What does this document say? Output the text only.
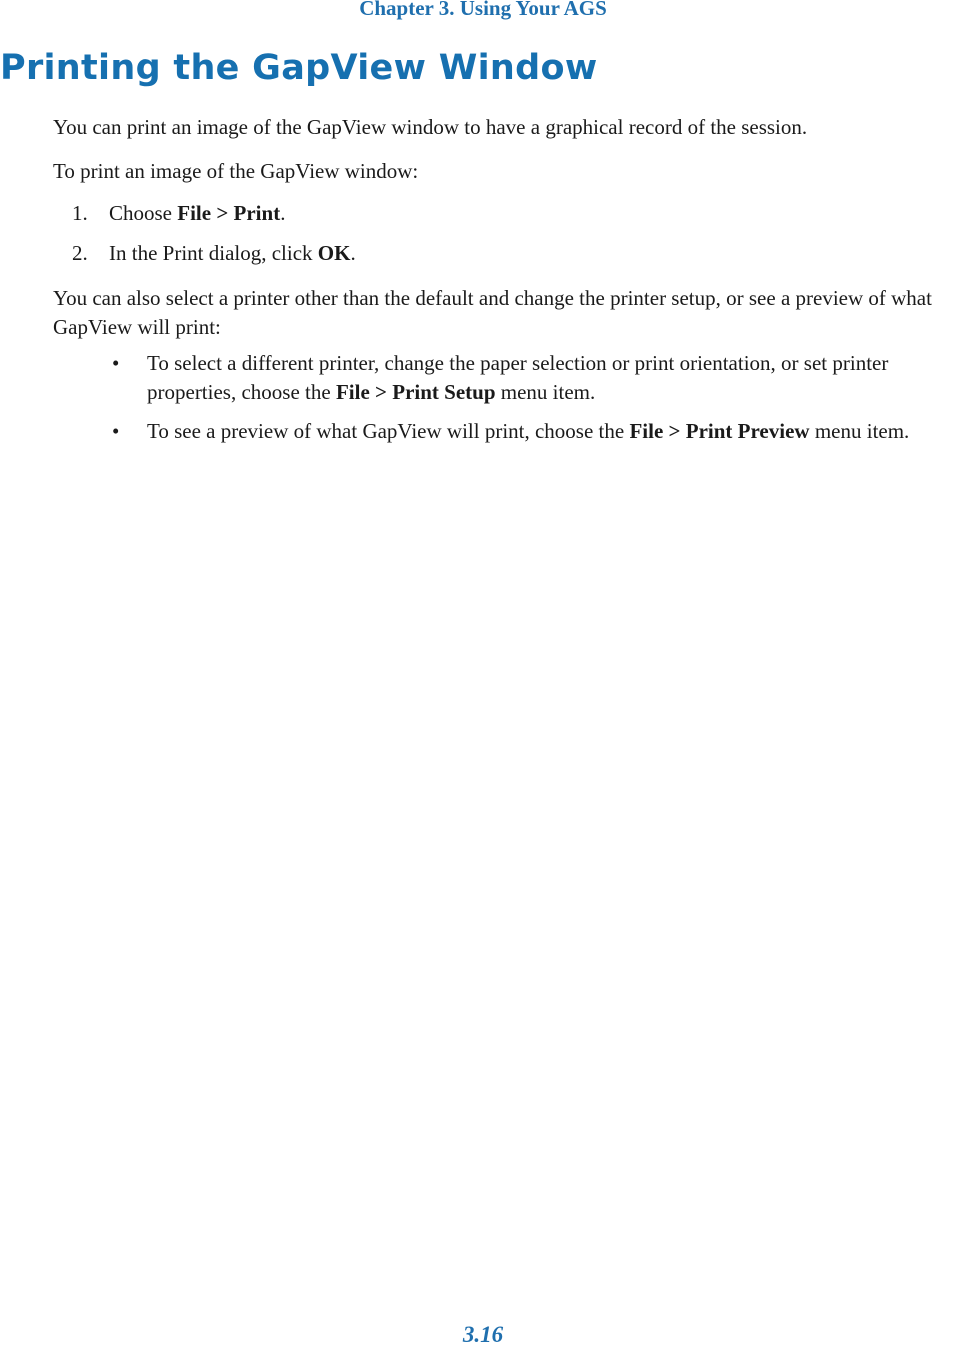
Chapter 3. Using Your AGS
Printing the GapView Window

You can print an image of the GapView window to have a graphical record of the session.

To print an image of the GapView window:

1. Choose File > Print.

2. In the Print dialog, click OK.

You can also select a printer other than the default and change the printer setup, or see a preview of what GapView will print:

• To select a different printer, change the paper selection or print orientation, or set printer properties, choose the File > Print Setup menu item.
• To see a preview of what GapView will print, choose the File > Print Preview menu item.
3.16
